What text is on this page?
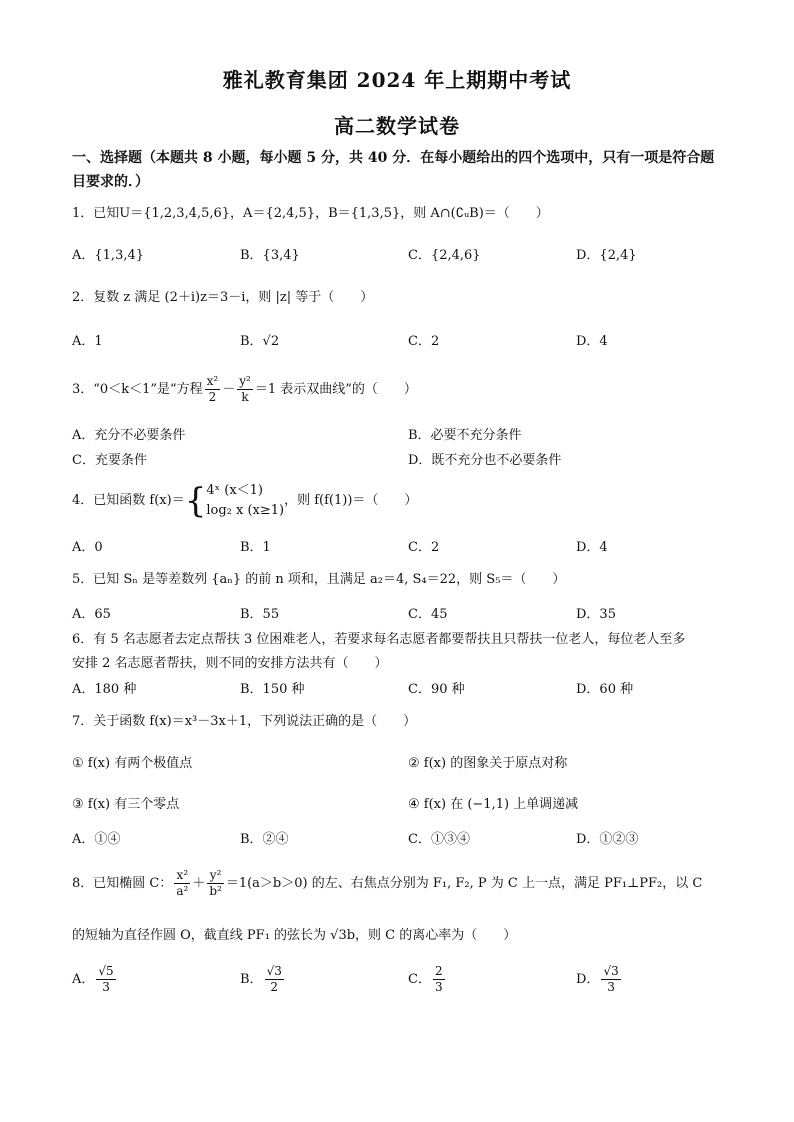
雅礼教育集团 2024 年上期期中考试
高二数学试卷
一、选择题（本题共 8 小题，每小题 5 分，共 40 分．在每小题给出的四个选项中，只有一项是符合题目要求的．）
1．已知U＝{1,2,3,4,5,6}，A＝{2,4,5}，B＝{1,3,5}，则 A∩(∁ᵤB)＝（　　）
A．{1,3,4}	B．{3,4}	C．{2,4,6}	D．{2,4}
2．复数 z 满足 (2＋i)z＝3－i，则 |z| 等于（　　）
A．1	B．√2	C．2	D．4
3．“0＜k＜1”是“方程 $\frac{\text{x²}}{2} - \frac{\text{y²}}{k} =1$ 表示双曲线”的（　　）
A．充分不必要条件	B．必要不充分条件
C．充要条件	D．既不充分也不必要条件
4．已知函数 f(x)＝{ 4ˣ (x＜1)
log₂ x (x≥1)
，则 f(f(1))＝（　　）
A．0	B．1	C．2	D．4
5．已知 Sₙ 是等差数列 {aₙ} 的前 n 项和，且满足 a₂＝4, S₄＝22，则 S₅＝（　　）
A．65	B．55	C．45	D．35
6．有 5 名志愿者去定点帮扶 3 位困难老人，若要求每名志愿者都要帮扶且只帮扶一位老人，每位老人至多
安排 2 名志愿者帮扶，则不同的安排方法共有（　　）
A．180 种	B．150 种	C．90 种	D．60 种
7．关于函数 f(x)＝x³－3x＋1，下列说法正确的是（　　）
① f(x) 有两个极值点	② f(x) 的图象关于原点对称
③ f(x) 有三个零点	④ f(x) 在 (−1,1) 上单调递减
A．①④	B．②④	C．①③④	D．①②③
8．已知椭圆 C： $\frac{\text{x²}}{\text{a²}} + \frac{\text{y²}}{\text{b²}} =1(a>b>0)$ 的左、右焦点分别为 F₁, F₂, P 为 C 上一点，满足 PF₁⊥PF₂，以 C
的短轴为直径作圆 O，截直线 PF₁ 的弦长为 √3b，则 C 的离心率为（　　）
A． $\frac{√5}{3}$	B． $\frac{√3}{2}$	C． $\frac{2}{3}$	D． $\frac{√3}{3}$
